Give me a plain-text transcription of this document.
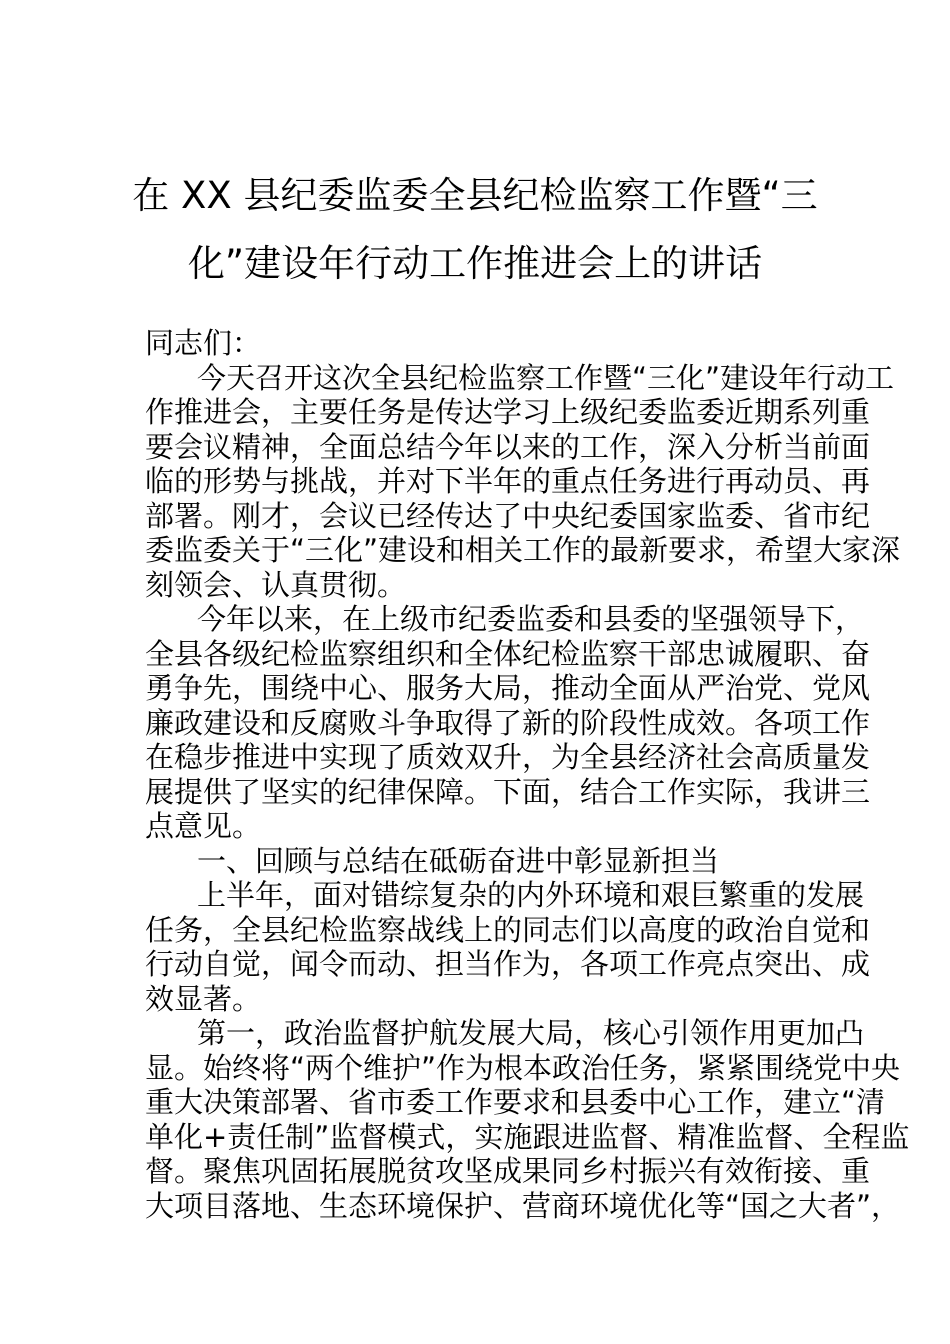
在 XX 县纪委监委全县纪检监察工作暨“三
化”建设年行动工作推进会上的讲话
同志们：
今天召开这次全县纪检监察工作暨“三化”建设年行动工
作推进会，主要任务是传达学习上级纪委监委近期系列重
要会议精神，全面总结今年以来的工作，深入分析当前面
临的形势与挑战，并对下半年的重点任务进行再动员、再
部署。刚才，会议已经传达了中央纪委国家监委、省市纪
委监委关于“三化”建设和相关工作的最新要求，希望大家深
刻领会、认真贯彻。
今年以来，在上级市纪委监委和县委的坚强领导下，
全县各级纪检监察组织和全体纪检监察干部忠诚履职、奋
勇争先，围绕中心、服务大局，推动全面从严治党、党风
廉政建设和反腐败斗争取得了新的阶段性成效。各项工作
在稳步推进中实现了质效双升，为全县经济社会高质量发
展提供了坚实的纪律保障。下面，结合工作实际，我讲三
点意见。
一、回顾与总结在砥砺奋进中彰显新担当
上半年，面对错综复杂的内外环境和艰巨繁重的发展
任务，全县纪检监察战线上的同志们以高度的政治自觉和
行动自觉，闻令而动、担当作为，各项工作亮点突出、成
效显著。
第一，政治监督护航发展大局，核心引领作用更加凸
显。始终将“两个维护”作为根本政治任务，紧紧围绕党中央
重大决策部署、省市委工作要求和县委中心工作，建立“清
单化+责任制”监督模式，实施跟进监督、精准监督、全程监
督。聚焦巩固拓展脱贫攻坚成果同乡村振兴有效衔接、重
大项目落地、生态环境保护、营商环境优化等“国之大者”，
